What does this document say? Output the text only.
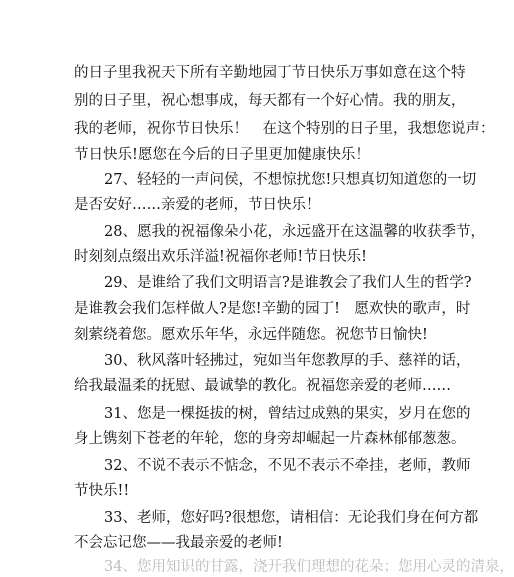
的日子里我祝天下所有辛勤地园丁节日快乐万事如意在这个特

别的日子里，祝心想事成，每天都有一个好心情。我的朋友，

我的老师，祝你节日快乐！　在这个特别的日子里，我想您说声：

节日快乐!愿您在今后的日子里更加健康快乐！

27、轻轻的一声问侯，不想惊扰您!只想真切知道您的一切

是否安好……亲爱的老师，节日快乐！

28、愿我的祝福像朵小花，永远盛开在这温馨的收获季节，

时刻刻点缀出欢乐洋溢!祝福你老师!节日快乐!

29、是谁给了我们文明语言?是谁教会了我们人生的哲学?

是谁教会我们怎样做人?是您!辛勤的园丁!　愿欢快的歌声，时

刻萦绕着您。愿欢乐年华，永远伴随您。祝您节日愉快!

30、秋风落叶轻拂过，宛如当年您教厚的手、慈祥的话，

给我最温柔的抚慰、最诚挚的教化。祝福您亲爱的老师……

31、您是一棵挺拔的树，曾结过成熟的果实，岁月在您的

身上镌刻下苍老的年轮，您的身旁却崛起一片森林郁郁葱葱。

32、不说不表示不惦念，不见不表示不牵挂，老师，教师

节快乐!!

33、老师，您好吗?很想您，请相信：无论我们身在何方都

不会忘记您——我最亲爱的老师!

34、您用知识的甘露，浇开我们理想的花朵；您用心灵的清泉，
